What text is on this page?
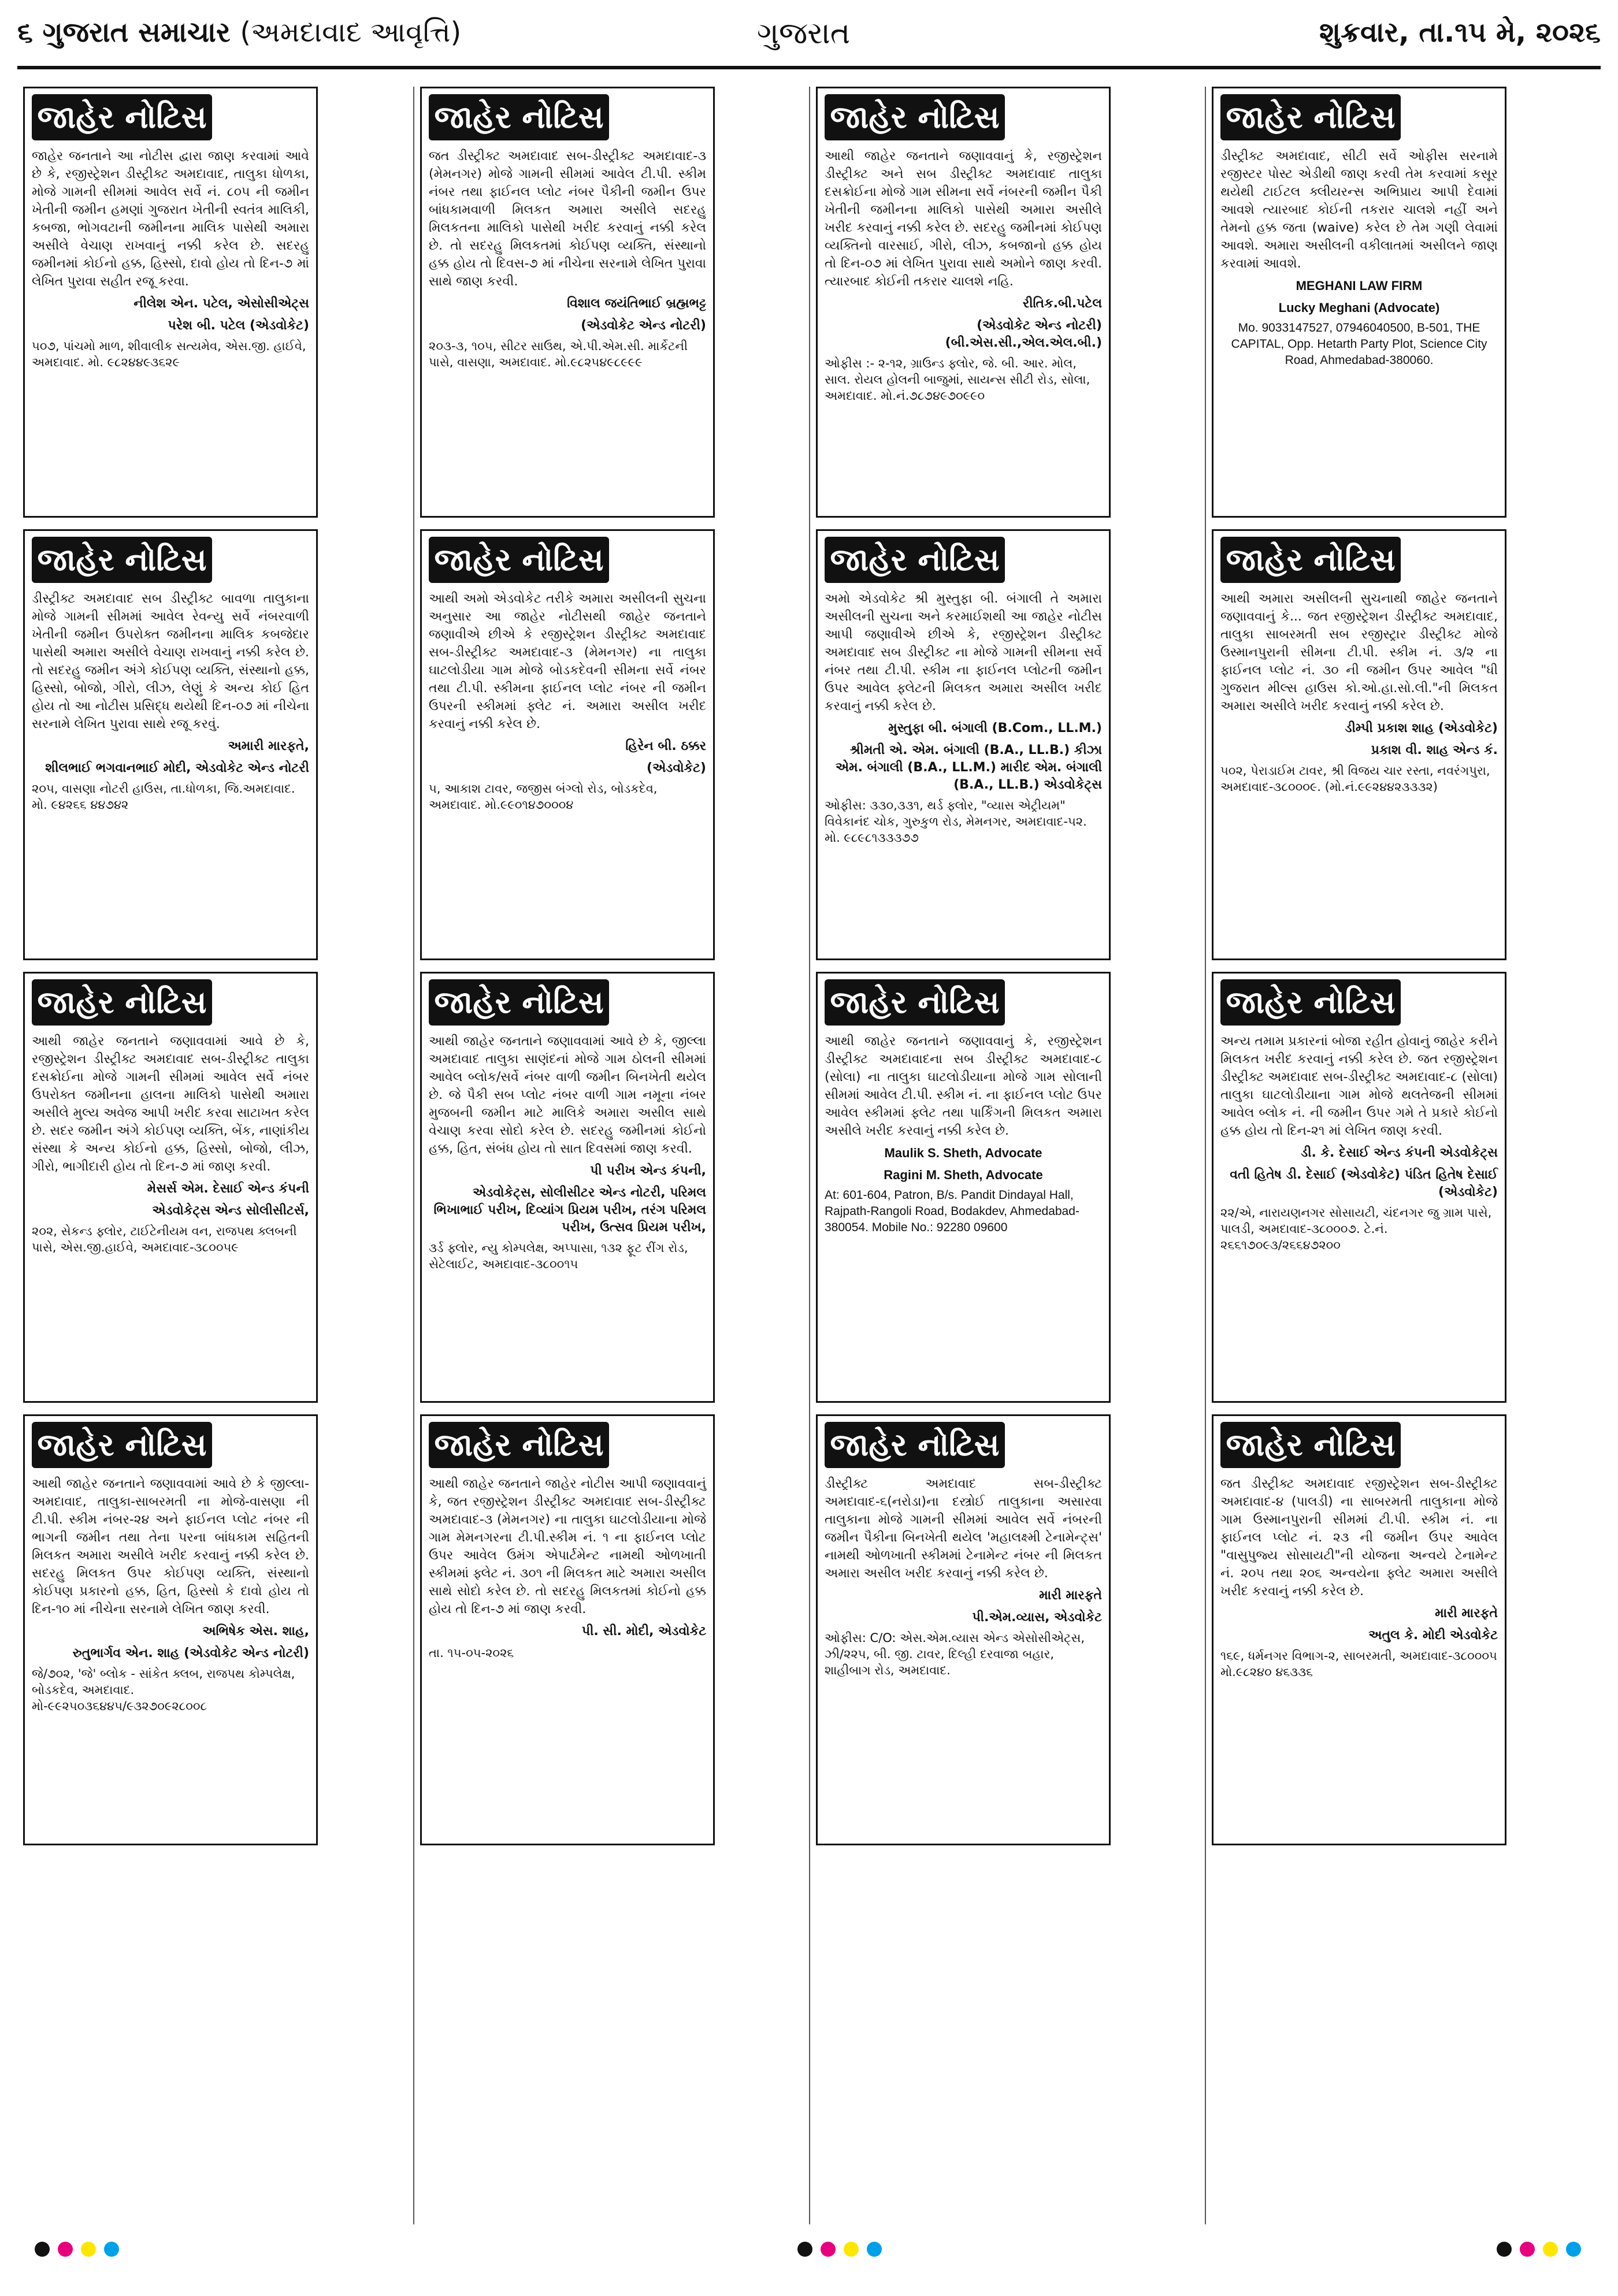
૬ ગુજરાત સમાચાર (અમદાવાદ આવૃત્તિ)	ગુજરાત	શુક્રવાર, તા.૧૫ મે, ૨૦૨૬
જાહેર નોટિસ
જાહેર જનતાને આ નોટીસ દ્વારા જાણ કરવામાં આવે છે કે, રજીસ્ટ્રેશન ડીસ્ટ્રીક્ટ અમદાવાદ, તાલુકા ધોળકા, મોજે ગામની સીમમાં આવેલ સર્વે નં. ૮૦૫ ની જમીન ખેતીની જમીન હમણાં ગુજરાત ખેતીની સ્વતંત્ર માલિકી, કબજા, ભોગવટાની જમીનના માલિક પાસેથી અમારા અસીલે વેચાણ રાખવાનું નક્કી કરેલ છે. સદરહુ જમીનમાં કોઈનો હક્ક, હિસ્સો, દાવો હોય તો દિન-૭ માં લેખિત પુરાવા સહીત રજૂ કરવા.
નીલેશ એન. પટેલ, એસોસીએટ્સ
પરેશ બી. પટેલ (એડવોકેટ)
૫૦૭, પાંચમો માળ, શીવાલીક સત્યમેવ, એસ.જી. હાઈવે, અમદાવાદ. મો. ૯૮૨૪૪૯૩૬૨૯
જાહેર નોટિસ
ડીસ્ટ્રીક્ટ અમદાવાદ સબ ડીસ્ટ્રીક્ટ બાવળા તાલુકાના મોજે ગામની સીમમાં આવેલ રેવન્યુ સર્વે નંબરવાળી ખેતીની જમીન ઉપરોક્ત જમીનના માલિક કબજેદાર પાસેથી અમારા અસીલે વેચાણ રાખવાનું નક્કી કરેલ છે. તો સદરહુ જમીન અંગે કોઈપણ વ્યક્તિ, સંસ્થાનો હક્ક, હિસ્સો, બોજો, ગીરો, લીઝ, લેણું કે અન્ય કોઈ હિત હોય તો આ નોટીસ પ્રસિદ્ધ થયેથી દિન-૦૭ માં નીચેના સરનામે લેખિત પુરાવા સાથે રજૂ કરવું.
અમારી મારફતે,
શીલભાઈ ભગવાનભાઈ મોદી, એડવોકેટ એન્ડ નોટરી
૨૦૫, વાસણા નોટરી હાઉસ, તા.ધોળકા, જિ.અમદાવાદ. મો. ૯૪૨૬૬ ૪૪૭૪૨
જાહેર નોટિસ
આથી જાહેર જનતાને જણાવવામાં આવે છે કે, રજીસ્ટ્રેશન ડીસ્ટ્રીક્ટ અમદાવાદ સબ-ડીસ્ટ્રીક્ટ તાલુકા દસક્રોઈના મોજે ગામની સીમમાં આવેલ સર્વે નંબર ઉપરોક્ત જમીનના હાલના માલિકો પાસેથી અમારા અસીલે મુલ્ય અવેજ આપી ખરીદ કરવા સાટાખત કરેલ છે. સદર જમીન અંગે કોઈપણ વ્યક્તિ, બેંક, નાણાંકીય સંસ્થા કે અન્ય કોઈનો હક્ક, હિસ્સો, બોજો, લીઝ, ગીરો, ભાગીદારી હોય તો દિન-૭ માં જાણ કરવી.
મેસર્સ એમ. દેસાઈ એન્ડ કંપની
એડવોકેટ્સ એન્ડ સોલીસીટર્સ,
૨૦૨, સેકન્ડ ફ્લોર, ટાઈટેનીયમ વન, રાજપથ ક્લબની પાસે, એસ.જી.હાઈવે, અમદાવાદ-૩૮૦૦૫૯
જાહેર નોટિસ
આથી જાહેર જનતાને જણાવવામાં આવે છે કે જીલ્લા-અમદાવાદ, તાલુકા-સાબરમતી ના મોજે-વાસણા ની ટી.પી. સ્કીમ નંબર-૨૪ અને ફાઈનલ પ્લોટ નંબર ની ભાગની જમીન તથા તેના પરના બાંધકામ સહિતની મિલકત અમારા અસીલે ખરીદ કરવાનું નક્કી કરેલ છે. સદરહુ મિલકત ઉપર કોઈપણ વ્યક્તિ, સંસ્થાનો કોઈપણ પ્રકારનો હક્ક, હિત, હિસ્સો કે દાવો હોય તો દિન-૧૦ માં નીચેના સરનામે લેખિત જાણ કરવી.
અભિષેક એસ. શાહ,
રુતુભાર્ગવ એન. શાહ (એડવોકેટ એન્ડ નોટરી)
જે/૭૦૨, 'જે' બ્લોક - સાંકેત ક્લબ, રાજપથ કોમ્પલેક્ષ, બોડકદેવ, અમદાવાદ. મો-૯૯૨૫૦૩૬૪૪૫/૯૩૨૭૦૯૨૮૦૦૮
જાહેર નોટિસ
જત ડીસ્ટ્રીક્ટ અમદાવાદ સબ-ડીસ્ટ્રીક્ટ અમદાવાદ-૩ (મેમનગર) મોજે ગામની સીમમાં આવેલ ટી.પી. સ્કીમ નંબર તથા ફાઈનલ પ્લોટ નંબર પૈકીની જમીન ઉપર બાંધકામવાળી મિલકત અમારા અસીલે સદરહુ મિલકતના માલિકો પાસેથી ખરીદ કરવાનું નક્કી કરેલ છે. તો સદરહુ મિલકતમાં કોઈપણ વ્યક્તિ, સંસ્થાનો હક્ક હોય તો દિવસ-૭ માં નીચેના સરનામે લેખિત પુરાવા સાથે જાણ કરવી.
વિશાલ જયંતિભાઈ બ્રહ્મભટ્ટ
(એડવોકેટ એન્ડ નોટરી)
૨૦૩-૩, ૧૦૫, સીટર સાઉથ, એ.પી.એમ.સી. માર્કેટની પાસે, વાસણા, અમદાવાદ. મો.૯૮૨૫૪૯૮૯૯૯
જાહેર નોટિસ
આથી અમો એડવોકેટ તરીકે અમારા અસીલની સુચના અનુસાર આ જાહેર નોટીસથી જાહેર જનતાને જણાવીએ છીએ કે રજીસ્ટ્રેશન ડીસ્ટ્રીક્ટ અમદાવાદ સબ-ડીસ્ટ્રીક્ટ અમદાવાદ-૩ (મેમનગર) ના તાલુકા ઘાટલોડીયા ગામ મોજે બોડકદેવની સીમના સર્વે નંબર તથા ટી.પી. સ્કીમના ફાઈનલ પ્લોટ નંબર ની જમીન ઉપરની સ્કીમમાં ફ્લેટ નં. અમારા અસીલ ખરીદ કરવાનું નક્કી કરેલ છે.
હિરેન બી. ઠક્કર
(એડવોકેટ)
૫, આકાશ ટાવર, જજીસ બંગ્લો રોડ, બોડકદેવ, અમદાવાદ. મો.૯૯૦૧૪૭૦૦૦૪
જાહેર નોટિસ
આથી જાહેર જનતાને જણાવવામાં આવે છે કે, જીલ્લા અમદાવાદ તાલુકા સાણંદનાં મોજે ગામ ઠોલની સીમમાં આવેલ બ્લોક/સર્વે નંબર વાળી જમીન બિનખેતી થયેલ છે. જે પૈકી સબ પ્લોટ નંબર વાળી ગામ નમૂના નંબર મુજબની જમીન માટે માલિકે અમારા અસીલ સાથે વેચાણ કરવા સોદો કરેલ છે. સદરહુ જમીનમાં કોઈનો હક્ક, હિત, સંબંધ હોય તો સાત દિવસમાં જાણ કરવી.
પી પરીખ એન્ડ કંપની,
એડવોકેટ્સ, સોલીસીટર એન્ડ નોટરી, પરિમલ ભિખાભાઈ પરીખ, દિવ્યાંગ પ્રિયમ પરીખ, તરંગ પરિમલ પરીખ, ઉત્સવ પ્રિયમ પરીખ,
૩ર્ડ ફ્લોર, ન્યુ કોમ્પલેક્ષ, અપ્પાસા, ૧૩૨ ફૂટ રીંગ રોડ, સેટેલાઈટ, અમદાવાદ-૩૮૦૦૧૫
જાહેર નોટિસ
આથી જાહેર જનતાને જાહેર નોટીસ આપી જણાવવાનું કે, જત રજીસ્ટ્રેશન ડીસ્ટ્રીક્ટ અમદાવાદ સબ-ડીસ્ટ્રીક્ટ અમદાવાદ-૩ (મેમનગર) ના તાલુકા ઘાટલોડીયાના મોજે ગામ મેમનગરના ટી.પી.સ્કીમ નં. ૧ ના ફાઈનલ પ્લોટ ઉપર આવેલ ઉમંગ એપાર્ટમેન્ટ નામથી ઓળખાતી સ્કીમમાં ફ્લેટ નં. ૩૦૧ ની મિલકત માટે અમારા અસીલ સાથે સોદો કરેલ છે. તો સદરહુ મિલકતમાં કોઈનો હક્ક હોય તો દિન-૭ માં જાણ કરવી.
પી. સી. મોદી, એડવોકેટ
તા. ૧૫-૦૫-૨૦૨૬
જાહેર નોટિસ
આથી જાહેર જનતાને જણાવવાનું કે, રજીસ્ટ્રેશન ડીસ્ટ્રીક્ટ અને સબ ડીસ્ટ્રીક્ટ અમદાવાદ તાલુકા દસક્રોઈના મોજે ગામ સીમના સર્વે નંબરની જમીન પૈકી ખેતીની જમીનના માલિકો પાસેથી અમારા અસીલે ખરીદ કરવાનું નક્કી કરેલ છે. સદરહુ જમીનમાં કોઈપણ વ્યક્તિનો વારસાઈ, ગીરો, લીઝ, કબજાનો હક્ક હોય તો દિન-૦૭ માં લેખિત પુરાવા સાથે અમોને જાણ કરવી. ત્યારબાદ કોઈની તકરાર ચાલશે નહિ.
રીતિક.બી.પટેલ
(એડવોકેટ એન્ડ નોટરી) (બી.એસ.સી.,એલ.એલ.બી.)
ઓફીસ :- ૨-૧૨, ગ્રાઉન્ડ ફ્લોર, જે. બી. આર. મોલ, સાલ. રોયલ હોલની બાજુમાં, સાયન્સ સીટી રોડ, સોલા, અમદાવાદ. મો.નં.૭૮૭૪૯૭૦૯૯૦
જાહેર નોટિસ
અમો એડવોકેટ શ્રી મુસ્તુફા બી. બંગાલી તે અમારા અસીલની સુચના અને કરમાઈશથી આ જાહેર નોટીસ આપી જણાવીએ છીએ કે, રજીસ્ટ્રેશન ડીસ્ટ્રીક્ટ અમદાવાદ સબ ડીસ્ટ્રીક્ટ ના મોજે ગામની સીમના સર્વે નંબર તથા ટી.પી. સ્કીમ ના ફાઈનલ પ્લોટની જમીન ઉપર આવેલ ફ્લેટની મિલકત અમારા અસીલ ખરીદ કરવાનું નક્કી કરેલ છે.
મુસ્તુફા બી. બંગાલી (B.Com., LL.M.)
શ્રીમતી એ. એમ. બંગાલી (B.A., LL.B.) કીઝા એમ. બંગાલી (B.A., LL.M.) મારીદ એમ. બંગાલી (B.A., LL.B.) એડવોકેટ્સ
ઓફીસ: ૩૩૦,૩૩૧, થર્ડ ફ્લોર, "વ્યાસ એટ્રીયમ" વિવેકાનંદ ચોક, ગુરુકુળ રોડ, મેમનગર, અમદાવાદ-૫૨. મો. ૯૮૯૮૧૩૩૩૭૭
જાહેર નોટિસ
આથી જાહેર જનતાને જણાવવાનું કે, રજીસ્ટ્રેશન ડીસ્ટ્રીક્ટ અમદાવાદના સબ ડીસ્ટ્રીક્ટ અમદાવાદ-૮ (સોલા) ના તાલુકા ઘાટલોડીયાના મોજે ગામ સોલાની સીમમાં આવેલ ટી.પી. સ્કીમ નં. ના ફાઈનલ પ્લોટ ઉપર આવેલ સ્કીમમાં ફ્લેટ તથા પાર્કિંગની મિલકત અમારા અસીલે ખરીદ કરવાનું નક્કી કરેલ છે.
Maulik S. Sheth, Advocate
Ragini M. Sheth, Advocate
At: 601-604, Patron, B/s. Pandit Dindayal Hall, Rajpath-Rangoli Road, Bodakdev, Ahmedabad-380054. Mobile No.: 92280 09600
જાહેર નોટિસ
ડીસ્ટ્રીક્ટ અમદાવાદ સબ-ડીસ્ટ્રીક્ટ અમદાવાદ-૬(નરોડા)ના દસ્ત્રોઈ તાલુકાના અસારવા તાલુકાના મોજે ગામની સીમમાં આવેલ સર્વે નંબરની જમીન પૈકીના બિનખેતી થયેલ 'મહાલક્ષ્મી ટેનામેન્ટ્સ' નામથી ઓળખાતી સ્કીમમાં ટેનામેન્ટ નંબર ની મિલકત અમારા અસીલ ખરીદ કરવાનું નક્કી કરેલ છે.
મારી મારફતે
પી.એમ.વ્યાસ, એડવોકેટ
ઓફીસ: C/O: એસ.એમ.વ્યાસ એન્ડ એસોસીએટ્સ, ઝી/૨૨૫, બી. જી. ટાવર, દિલ્હી દરવાજા બહાર, શાહીબાગ રોડ, અમદાવાદ.
જાહેર નોટિસ
ડીસ્ટ્રીક્ટ અમદાવાદ, સીટી સર્વે ઓફીસ સરનામે રજીસ્ટર પોસ્ટ એડીથી જાણ કરવી તેમ કરવામાં કસૂર થયેથી ટાઈટલ ક્લીયરન્સ અભિપ્રાય આપી દેવામાં આવશે ત્યારબાદ કોઈની તકરાર ચાલશે નહીં અને તેમનો હક્ક જતા (waive) કરેલ છે તેમ ગણી લેવામાં આવશે. અમારા અસીલની વકીલાતમાં અસીલને જાણ કરવામાં આવશે.
MEGHANI LAW FIRM
Lucky Meghani (Advocate)
Mo. 9033147527, 07946040500, B-501, THE CAPITAL, Opp. Hetarth Party Plot, Science City Road, Ahmedabad-380060.
જાહેર નોટિસ
આથી અમારા અસીલની સુચનાથી જાહેર જનતાને જણાવવાનું કે... જત રજીસ્ટ્રેશન ડીસ્ટ્રીક્ટ અમદાવાદ, તાલુકા સાબરમતી સબ રજીસ્ટ્રાર ડીસ્ટ્રીક્ટ મોજે ઉસ્માનપુરાની સીમના ટી.પી. સ્કીમ નં. ૩/૨ ના ફાઈનલ પ્લોટ નં. ૩૦ ની જમીન ઉપર આવેલ "ધી ગુજરાત મીલ્સ હાઉસ કો.ઓ.હા.સો.લી."ની મિલકત અમારા અસીલે ખરીદ કરવાનું નક્કી કરેલ છે.
ડીમ્પી પ્રકાશ શાહ (એડવોકેટ)
પ્રકાશ વી. શાહ એન્ડ કં.
૫૦૨, પેરાડાઈમ ટાવર, શ્રી વિજય ચાર રસ્તા, નવરંગપુરા, અમદાવાદ-૩૮૦૦૦૯. (મો.નં.૯૯૨૪૪૨૩૩૩૨)
જાહેર નોટિસ
અન્ય તમામ પ્રકારનાં બોજા રહીત હોવાનું જાહેર કરીને મિલકત ખરીદ કરવાનું નક્કી કરેલ છે. જત રજીસ્ટ્રેશન ડીસ્ટ્રીક્ટ અમદાવાદ સબ-ડીસ્ટ્રીક્ટ અમદાવાદ-૮ (સોલા) તાલુકા ઘાટલોડીયાના ગામ મોજે થલતેજની સીમમાં આવેલ બ્લોક નં. ની જમીન ઉપર ગમે તે પ્રકારે કોઈનો હક્ક હોય તો દિન-૨૧ માં લેખિત જાણ કરવી.
ડી. કે. દેસાઈ એન્ડ કંપની એડવોકેટ્સ
વતી હિતેષ ડી. દેસાઈ (એડવોકેટ) પંડિત હિતેષ દેસાઈ (એડવોકેટ)
૨૨/એ, નારાયણનગર સોસાયટી, ચંદનગર જુ ગ્રામ પાસે, પાલડી, અમદાવાદ-૩૮૦૦૦૭. ટે.નં. ૨૬૬૧૭૦૯૩/૨૬૬૪૭૨૦૦
જાહેર નોટિસ
જત ડીસ્ટ્રીક્ટ અમદાવાદ રજીસ્ટ્રેશન સબ-ડીસ્ટ્રીક્ટ અમદાવાદ-૪ (પાલડી) ના સાબરમતી તાલુકાના મોજે ગામ ઉસ્માનપુરાની સીમમાં ટી.પી. સ્કીમ નં. ના ફાઈનલ પ્લોટ નં. ૨૩ ની જમીન ઉપર આવેલ "વાસુપુજ્ય સોસાયટી"ની યોજના અન્વયે ટેનામેન્ટ નં. ૨૦૫ તથા ૨૦૬ અન્વયેના ફ્લેટ અમારા અસીલે ખરીદ કરવાનું નક્કી કરેલ છે.
મારી મારફતે
અતુલ કે. મોદી એડવોકેટ
૧૬૯, ધર્મનગર વિભાગ-૨, સાબરમતી, અમદાવાદ-૩૮૦૦૦૫ મો.૯૮૨૪૦ ૪૬૩૩૬
